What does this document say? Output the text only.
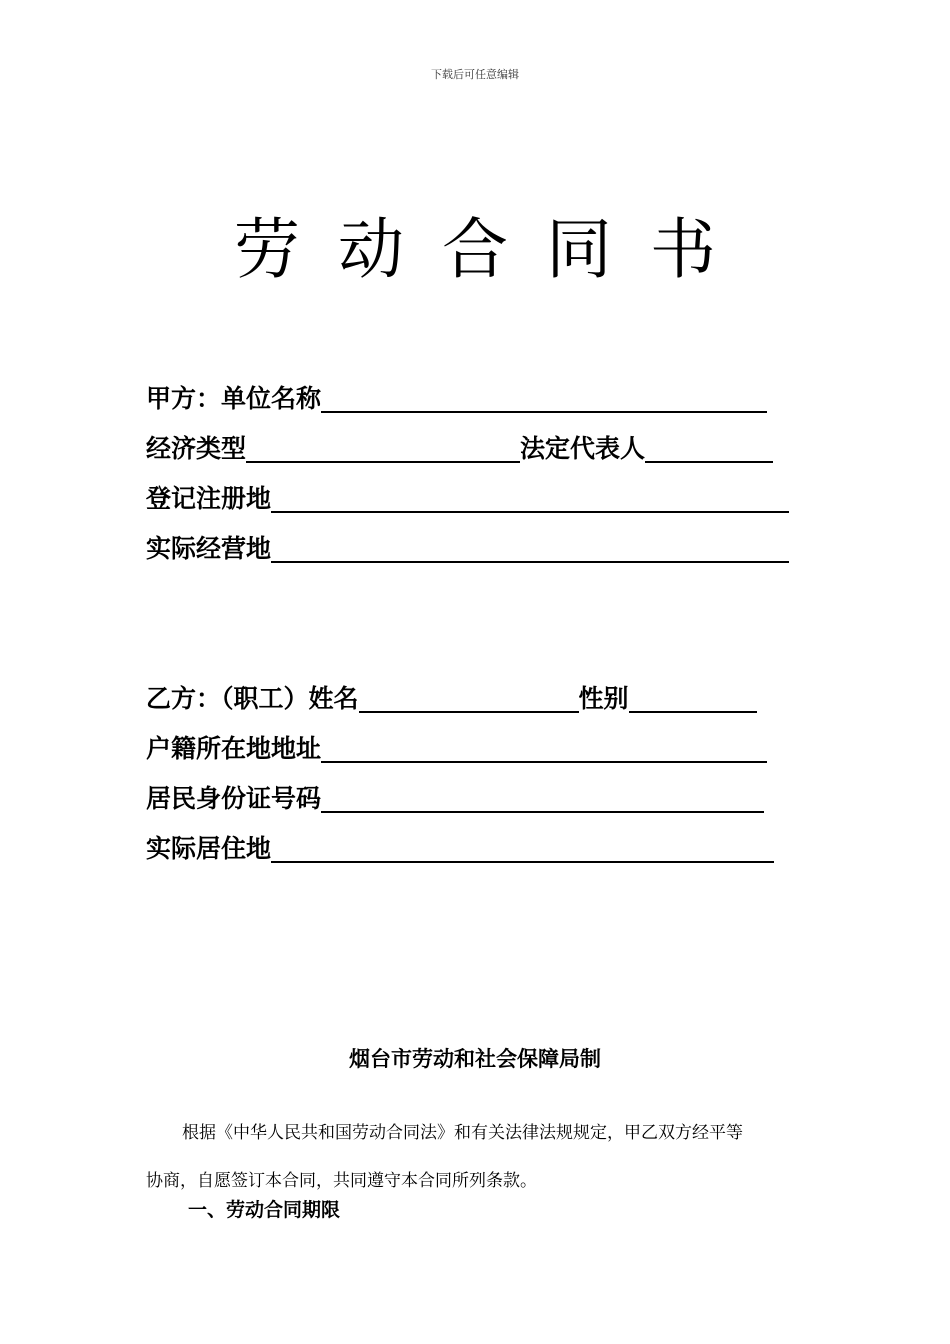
下载后可任意编辑
劳动合同书
甲方：单位名称
经济类型	法定代表人
登记注册地
实际经营地
乙方：（职工）姓名	性别
户籍所在地地址
居民身份证号码
实际居住地
烟台市劳动和社会保障局制
根据《中华人民共和国劳动合同法》和有关法律法规规定，甲乙双方经平等
协商，自愿签订本合同，共同遵守本合同所列条款。
一、劳动合同期限
